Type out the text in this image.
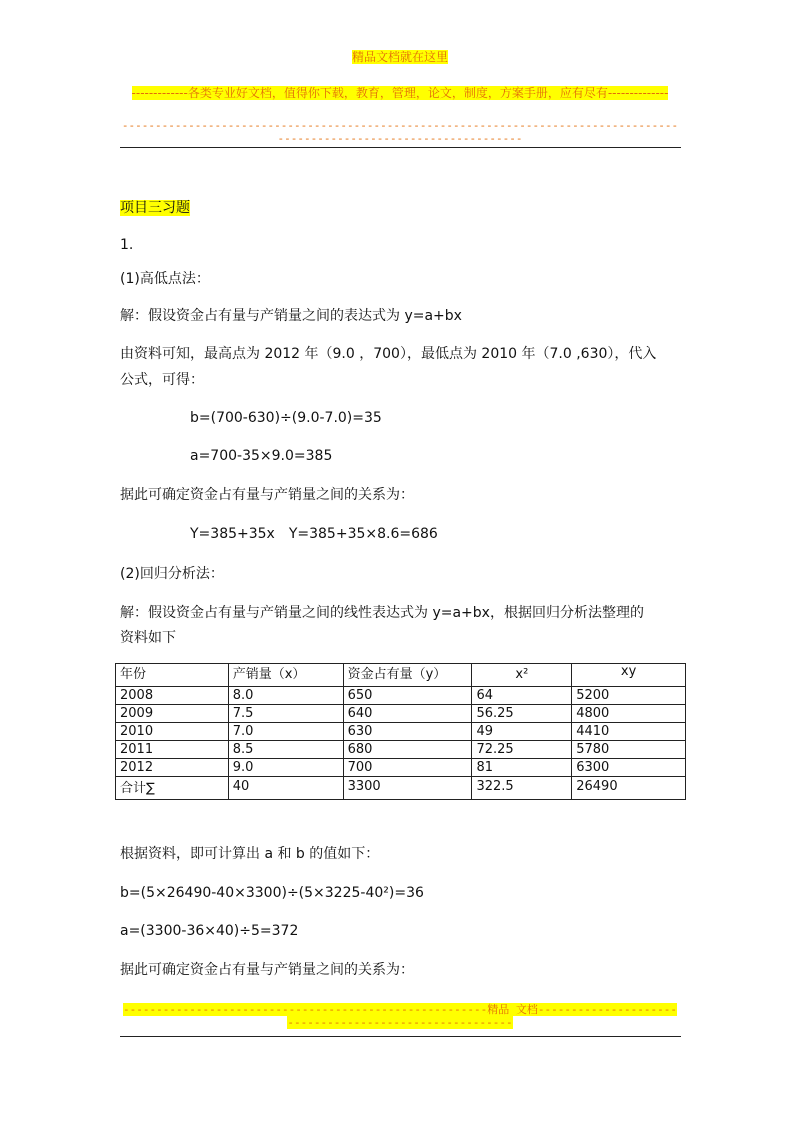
精品文档就在这里
-------------各类专业好文档，值得你下载，教育，管理，论文，制度，方案手册，应有尽有--------------
-------------------------------------------------------------------------------------------------------------------------
项目三习题
1.
(1)高低点法：
解：假设资金占有量与产销量之间的表达式为 y=a+bx
由资料可知，最高点为 2012 年（9.0 ，700），最低点为 2010 年（7.0 ,630），代入
公式，可得：
b=(700-630)÷(9.0-7.0)=35
a=700-35×9.0=385
据此可确定资金占有量与产销量之间的关系为：
Y=385+35x　Y=385+35×8.6=686
(2)回归分析法：
解：假设资金占有量与产销量之间的线性表达式为 y=a+bx，根据回归分析法整理的
资料如下
年份	产销量（x）	资金占有量（y）	x²	xy
2008	8.0	650	64	5200
2009	7.5	640	56.25	4800
2010	7.0	630	49	4410
2011	8.5	680	72.25	5780
2012	9.0	700	81	6300
合计∑	40	3300	322.5	26490
根据资料，即可计算出 a 和 b 的值如下：
b=(5×26490-40×3300)÷(5×3225-40²)=36
a=(3300-36×40)÷5=372
据此可确定资金占有量与产销量之间的关系为：
-------------------------------------------------------精品 文档-------------------------------------------------------
